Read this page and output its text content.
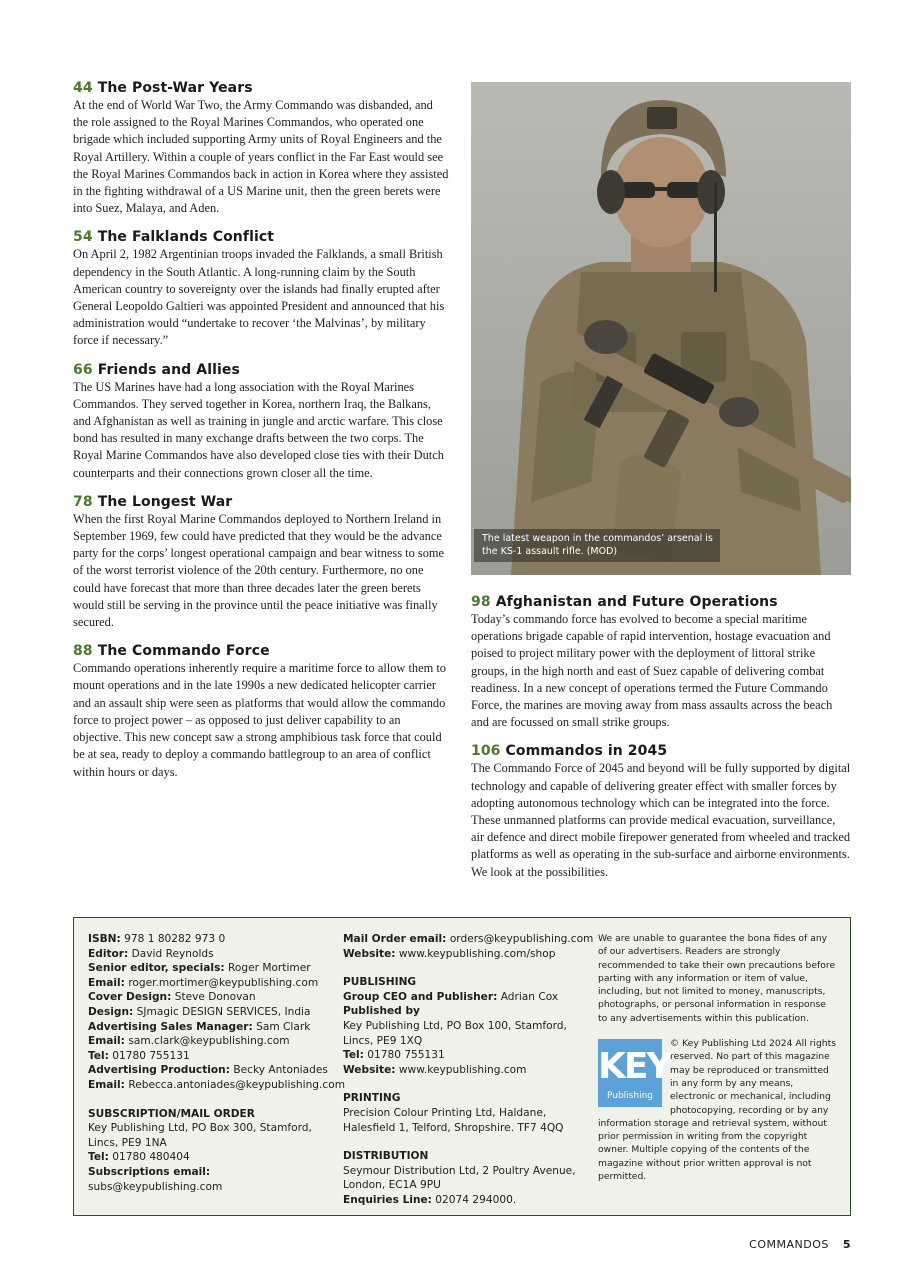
44 The Post-War Years

At the end of World War Two, the Army Commando was disbanded, and the role assigned to the Royal Marines Commandos, who operated one brigade which included supporting Army units of Royal Engineers and the Royal Artillery. Within a couple of years conflict in the Far East would see the Royal Marines Commandos back in action in Korea where they assisted in the fighting withdrawal of a US Marine unit, then the green berets were into Suez, Malaya, and Aden.

54 The Falklands Conflict

On April 2, 1982 Argentinian troops invaded the Falklands, a small British dependency in the South Atlantic. A long-running claim by the South American country to sovereignty over the islands had finally erupted after General Leopoldo Galtieri was appointed President and announced that his administration would “undertake to recover ‘the Malvinas’, by military force if necessary.”

66 Friends and Allies

The US Marines have had a long association with the Royal Marines Commandos. They served together in Korea, northern Iraq, the Balkans, and Afghanistan as well as training in jungle and arctic warfare. This close bond has resulted in many exchange drafts between the two corps. The Royal Marine Commandos have also developed close ties with their Dutch counterparts and their connections grown closer all the time.

78 The Longest War

When the first Royal Marine Commandos deployed to Northern Ireland in September 1969, few could have predicted that they would be the advance party for the corps’ longest operational campaign and bear witness to some of the worst terrorist violence of the 20th century. Furthermore, no one could have forecast that more than three decades later the green berets would still be serving in the province until the peace initiative was finally secured.

88 The Commando Force

Commando operations inherently require a maritime force to allow them to mount operations and in the late 1990s a new dedicated helicopter carrier and an assault ship were seen as platforms that would allow the commando force to project power – as opposed to just deliver capability to an objective. This new concept saw a strong amphibious task force that could be at sea, ready to deploy a commando battlegroup to an area of conflict within hours or days.

The latest weapon in the commandos’ arsenal is
the KS-1 assault rifle. (MOD)
98 Afghanistan and Future Operations

Today’s commando force has evolved to become a special maritime operations brigade capable of rapid intervention, hostage evacuation and poised to project military power with the deployment of littoral strike groups, in the high north and east of Suez capable of delivering combat readiness. In a new concept of operations termed the Future Commando Force, the marines are moving away from mass assaults across the beach and are focussed on small strike groups.

106 Commandos in 2045

The Commando Force of 2045 and beyond will be fully supported by digital technology and capable of delivering greater effect with smaller forces by adopting autonomous technology which can be integrated into the force. These unmanned platforms can provide medical evacuation, surveillance, air defence and direct mobile firepower generated from wheeled and tracked platforms as well as operating in the sub-surface and airborne environments. We look at the possibilities.

ISBN: 978 1 80282 973 0
Editor: David Reynolds
Senior editor, specials: Roger Mortimer
Email: roger.mortimer@keypublishing.com
Cover Design: Steve Donovan
Design: SJmagic DESIGN SERVICES, India
Advertising Sales Manager: Sam Clark
Email: sam.clark@keypublishing.com
Tel: 01780 755131
Advertising Production: Becky Antoniades
Email: Rebecca.antoniades@keypublishing.com
SUBSCRIPTION/MAIL ORDER
Key Publishing Ltd, PO Box 300, Stamford,
Lincs, PE9 1NA
Tel: 01780 480404
Subscriptions email:
subs@keypublishing.com
Mail Order email: orders@keypublishing.com
Website: www.keypublishing.com/shop
PUBLISHING
Group CEO and Publisher: Adrian Cox
Published by
Key Publishing Ltd, PO Box 100, Stamford,
Lincs, PE9 1XQ
Tel: 01780 755131
Website: www.keypublishing.com
PRINTING
Precision Colour Printing Ltd, Haldane,
Halesfield 1, Telford, Shropshire. TF7 4QQ
DISTRIBUTION
Seymour Distribution Ltd, 2 Poultry Avenue,
London, EC1A 9PU
Enquiries Line: 02074 294000.
We are unable to guarantee the bona fides of any of our advertisers. Readers are strongly recommended to take their own precautions before parting with any information or item of value, including, but not limited to money, manuscripts, photographs, or personal information in response to any advertisements within this publication.
KEY
Publishing
© Key Publishing Ltd 2024 All rights reserved. No part of this magazine may be reproduced or transmitted in any form by any means, electronic or mechanical, including photocopying, recording or by any information storage and retrieval system, without prior permission in writing from the copyright owner. Multiple copying of the contents of the magazine without prior written approval is not permitted.
COMMANDOS 5
